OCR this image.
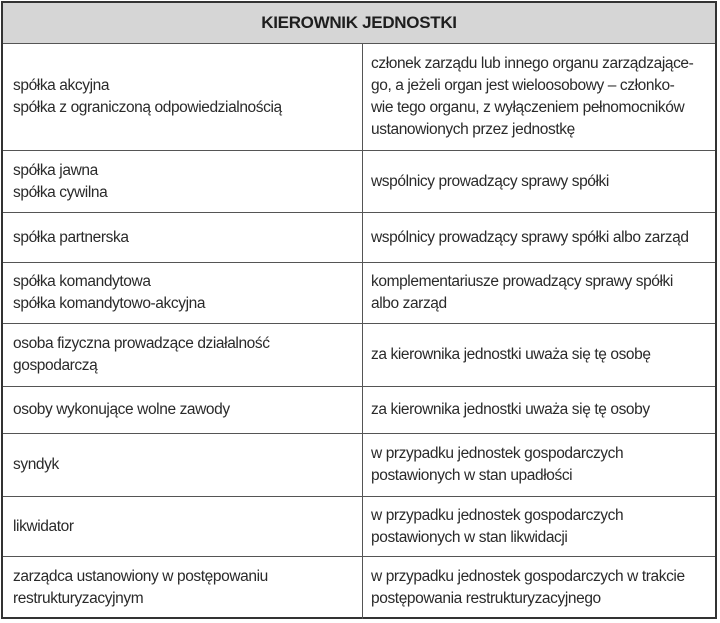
KIEROWNIK JEDNOSTKI
spółka akcyjna
spółka z ograniczoną odpowiedzialnością
członek zarządu lub innego organu zarządzające-
go, a jeżeli organ jest wieloosobowy – członko-
wie tego organu, z wyłączeniem pełnomocników
ustanowionych przez jednostkę
spółka jawna
spółka cywilna
wspólnicy prowadzący sprawy spółki
spółka partnerska	wspólnicy prowadzący sprawy spółki albo zarząd
spółka komandytowa
spółka komandytowo-akcyjna
komplementariusze prowadzący sprawy spółki
albo zarząd
osoba fizyczna prowadzące działalność
gospodarczą
za kierownika jednostki uważa się tę osobę
osoby wykonujące wolne zawody	za kierownika jednostki uważa się tę osoby
syndyk
w przypadku jednostek gospodarczych
postawionych w stan upadłości
likwidator
w przypadku jednostek gospodarczych
postawionych w stan likwidacji
zarządca ustanowiony w postępowaniu
restrukturyzacyjnym
w przypadku jednostek gospodarczych w trakcie
postępowania restrukturyzacyjnego
